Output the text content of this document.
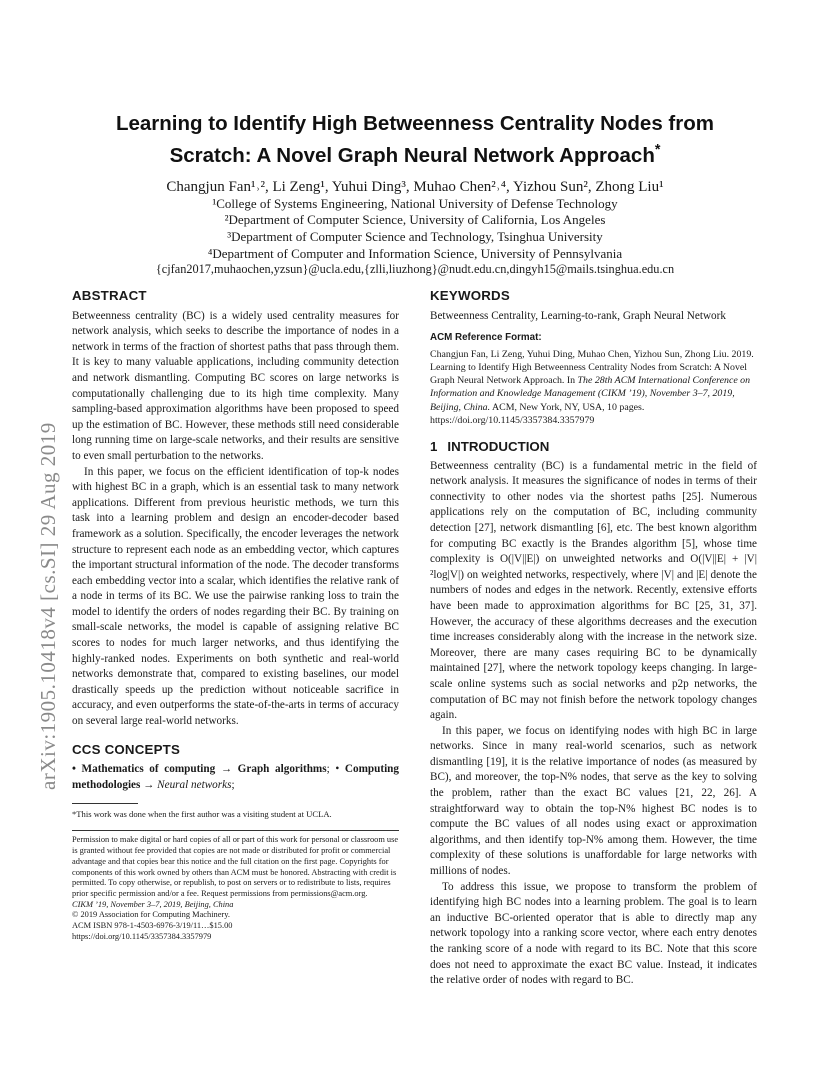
arXiv:1905.10418v4 [cs.SI] 29 Aug 2019
Learning to Identify High Betweenness Centrality Nodes from
Scratch: A Novel Graph Neural Network Approach*
Changjun Fan¹˒², Li Zeng¹, Yuhui Ding³, Muhao Chen²˒⁴, Yizhou Sun², Zhong Liu¹
¹College of Systems Engineering, National University of Defense Technology
²Department of Computer Science, University of California, Los Angeles
³Department of Computer Science and Technology, Tsinghua University
⁴Department of Computer and Information Science, University of Pennsylvania
{cjfan2017,muhaochen,yzsun}@ucla.edu,{zlli,liuzhong}@nudt.edu.cn,dingyh15@mails.tsinghua.edu.cn
ABSTRACT

Betweenness centrality (BC) is a widely used centrality measures for network analysis, which seeks to describe the importance of nodes in a network in terms of the fraction of shortest paths that pass through them. It is key to many valuable applications, including community detection and network dismantling. Computing BC scores on large networks is computationally challenging due to its high time complexity. Many sampling-based approximation algorithms have been proposed to speed up the estimation of BC. However, these methods still need considerable long running time on large-scale networks, and their results are sensitive to even small perturbation to the networks.

In this paper, we focus on the efficient identification of top-k nodes with highest BC in a graph, which is an essential task to many network applications. Different from previous heuristic methods, we turn this task into a learning problem and design an encoder-decoder based framework as a solution. Specifically, the encoder leverages the network structure to represent each node as an embedding vector, which captures the important structural information of the node. The decoder transforms each embedding vector into a scalar, which identifies the relative rank of a node in terms of its BC. We use the pairwise ranking loss to train the model to identify the orders of nodes regarding their BC. By training on small-scale networks, the model is capable of assigning relative BC scores to nodes for much larger networks, and thus identifying the highly-ranked nodes. Experiments on both synthetic and real-world networks demonstrate that, compared to existing baselines, our model drastically speeds up the prediction without noticeable sacrifice in accuracy, and even outperforms the state-of-the-arts in terms of accuracy on several large real-world networks.

CCS CONCEPTS

• Mathematics of computing → Graph algorithms; • Computing methodologies → Neural networks;

*This work was done when the first author was a visiting student at UCLA.

Permission to make digital or hard copies of all or part of this work for personal or classroom use is granted without fee provided that copies are not made or distributed for profit or commercial advantage and that copies bear this notice and the full citation on the first page. Copyrights for components of this work owned by others than ACM must be honored. Abstracting with credit is permitted. To copy otherwise, or republish, to post on servers or to redistribute to lists, requires prior specific permission and/or a fee. Request permissions from permissions@acm.org.

CIKM ’19, November 3–7, 2019, Beijing, China

© 2019 Association for Computing Machinery.

ACM ISBN 978-1-4503-6976-3/19/11…$15.00

https://doi.org/10.1145/3357384.3357979

KEYWORDS

Betweenness Centrality, Learning-to-rank, Graph Neural Network

ACM Reference Format:

Changjun Fan, Li Zeng, Yuhui Ding, Muhao Chen, Yizhou Sun, Zhong Liu. 2019. Learning to Identify High Betweenness Centrality Nodes from Scratch: A Novel Graph Neural Network Approach. In The 28th ACM International Conference on Information and Knowledge Management (CIKM ’19), November 3–7, 2019, Beijing, China. ACM, New York, NY, USA, 10 pages. https://doi.org/10.1145/3357384.3357979

1 INTRODUCTION

Betweenness centrality (BC) is a fundamental metric in the field of network analysis. It measures the significance of nodes in terms of their connectivity to other nodes via the shortest paths [25]. Numerous applications rely on the computation of BC, including community detection [27], network dismantling [6], etc. The best known algorithm for computing BC exactly is the Brandes algorithm [5], whose time complexity is O(|V||E|) on unweighted networks and O(|V||E| + |V|²log|V|) on weighted networks, respectively, where |V| and |E| denote the numbers of nodes and edges in the network. Recently, extensive efforts have been made to approximation algorithms for BC [25, 31, 37]. However, the accuracy of these algorithms decreases and the execution time increases considerably along with the increase in the network size. Moreover, there are many cases requiring BC to be dynamically maintained [27], where the network topology keeps changing. In large-scale online systems such as social networks and p2p networks, the computation of BC may not finish before the network topology changes again.

In this paper, we focus on identifying nodes with high BC in large networks. Since in many real-world scenarios, such as network dismantling [19], it is the relative importance of nodes (as measured by BC), and moreover, the top-N% nodes, that serve as the key to solving the problem, rather than the exact BC values [21, 22, 26]. A straightforward way to obtain the top-N% highest BC nodes is to compute the BC values of all nodes using exact or approximation algorithms, and then identify top-N% among them. However, the time complexity of these solutions is unaffordable for large networks with millions of nodes.

To address this issue, we propose to transform the problem of identifying high BC nodes into a learning problem. The goal is to learn an inductive BC-oriented operator that is able to directly map any network topology into a ranking score vector, where each entry denotes the ranking score of a node with regard to its BC. Note that this score does not need to approximate the exact BC value. Instead, it indicates the relative order of nodes with regard to BC.
